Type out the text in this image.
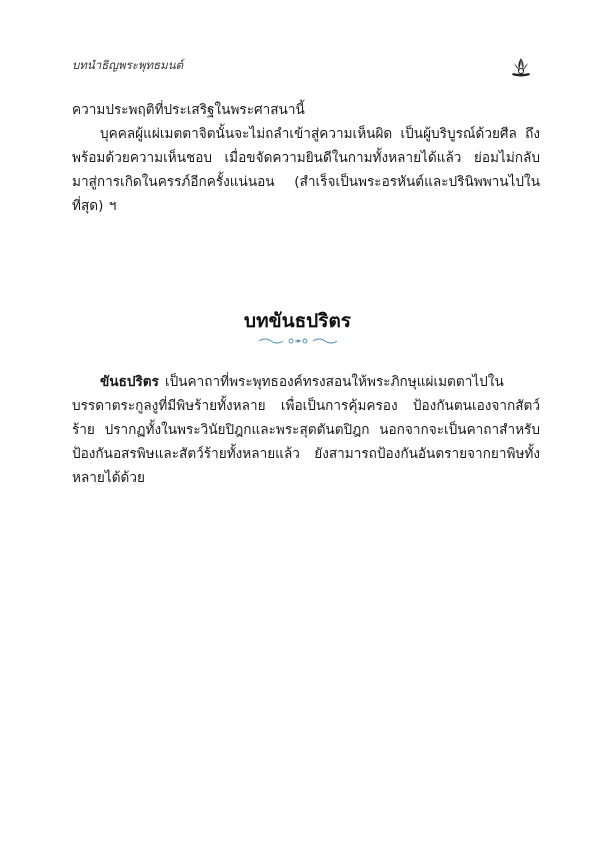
บทนำธิญพระพุทธมนต์

ความประพฤติที่ประเสริฐในพระศาสนานี้

บุคคลผู้แผ่เมตตาจิตนั้นจะไม่ถลำเข้าสู่ความเห็นผิด เป็นผู้บริบูรณ์ด้วยศีล ถึงพร้อมด้วยความเห็นชอบ เมื่อขจัดความยินดีในกามทั้งหลายได้แล้ว ย่อมไม่กลับมาสู่การเกิดในครรภ์อีกครั้งแน่นอน (สำเร็จเป็นพระอรหันต์และปรินิพพานไปในที่สุด) ฯ

บทขันธปริตร

ขันธปริตร เป็นคาถาที่พระพุทธองค์ทรงสอนให้พระภิกษุแผ่เมตตาไปในบรรดาตระกูลงูที่มีพิษร้ายทั้งหลาย เพื่อเป็นการคุ้มครอง ป้องกันตนเองจากสัตว์ร้าย ปรากฏทั้งในพระวินัยปิฎกและพระสุตตันตปิฎก นอกจากจะเป็นคาถาสำหรับป้องกันอสรพิษและสัตว์ร้ายทั้งหลายแล้ว ยังสามารถป้องกันอันตรายจากยาพิษทั้งหลายได้ด้วย
